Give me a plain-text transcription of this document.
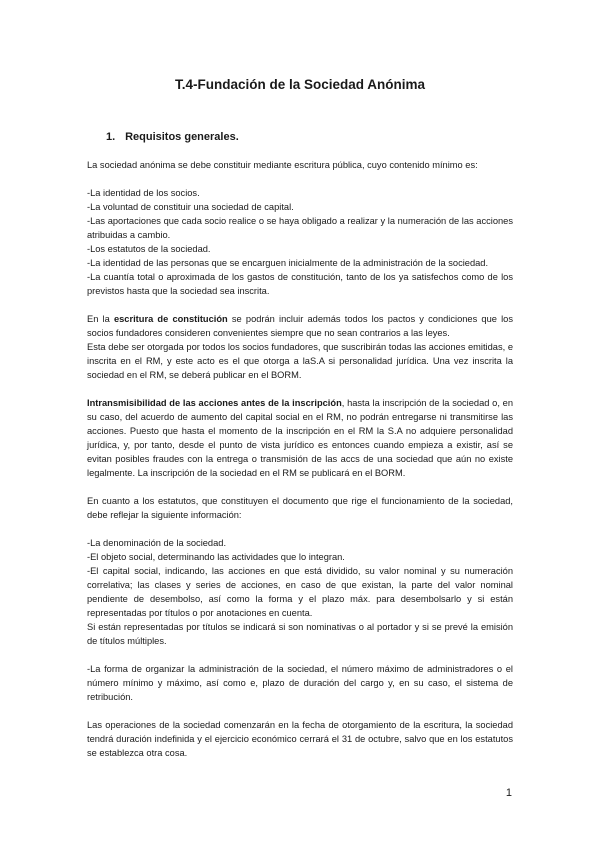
T.4-Fundación de la Sociedad Anónima
1. Requisitos generales.

La sociedad anónima se debe constituir mediante escritura pública, cuyo contenido mínimo es:

-La identidad de los socios.

-La voluntad de constituir una sociedad de capital.

-Las aportaciones que cada socio realice o se haya obligado a realizar y la numeración de las acciones atribuidas a cambio.

-Los estatutos de la sociedad.

-La identidad de las personas que se encarguen inicialmente de la administración de la sociedad.

-La cuantía total o aproximada de los gastos de constitución, tanto de los ya satisfechos como de los previstos hasta que la sociedad sea inscrita.

En la escritura de constitución se podrán incluir además todos los pactos y condiciones que los socios fundadores consideren convenientes siempre que no sean contrarios a las leyes.

Esta debe ser otorgada por todos los socios fundadores, que suscribirán todas las acciones emitidas, e inscrita en el RM, y este acto es el que otorga a laS.A si personalidad jurídica. Una vez inscrita la sociedad en el RM, se deberá publicar en el BORM.

Intransmisibilidad de las acciones antes de la inscripción, hasta la inscripción de la sociedad o, en su caso, del acuerdo de aumento del capital social en el RM, no podrán entregarse ni transmitirse las acciones. Puesto que hasta el momento de la inscripción en el RM la S.A no adquiere personalidad jurídica, y, por tanto, desde el punto de vista jurídico es entonces cuando empieza a existir, así se evitan posibles fraudes con la entrega o transmisión de las accs de una sociedad que aún no existe legalmente. La inscripción de la sociedad en el RM se publicará en el BORM.

En cuanto a los estatutos, que constituyen el documento que rige el funcionamiento de la sociedad, debe reflejar la siguiente información:

-La denominación de la sociedad.

-El objeto social, determinando las actividades que lo integran.

-El capital social, indicando, las acciones en que está dividido, su valor nominal y su numeración correlativa; las clases y series de acciones, en caso de que existan, la parte del valor nominal pendiente de desembolso, así como la forma y el plazo máx. para desembolsarlo y si están representadas por títulos o por anotaciones en cuenta.

Si están representadas por títulos se indicará si son nominativas o al portador y si se prevé la emisión de títulos múltiples.

-La forma de organizar la administración de la sociedad, el número máximo de administradores o el número mínimo y máximo, así como e, plazo de duración del cargo y, en su caso, el sistema de retribución.

Las operaciones de la sociedad comenzarán en la fecha de otorgamiento de la escritura, la sociedad tendrá duración indefinida y el ejercicio económico cerrará el 31 de octubre, salvo que en los estatutos se establezca otra cosa.

1
